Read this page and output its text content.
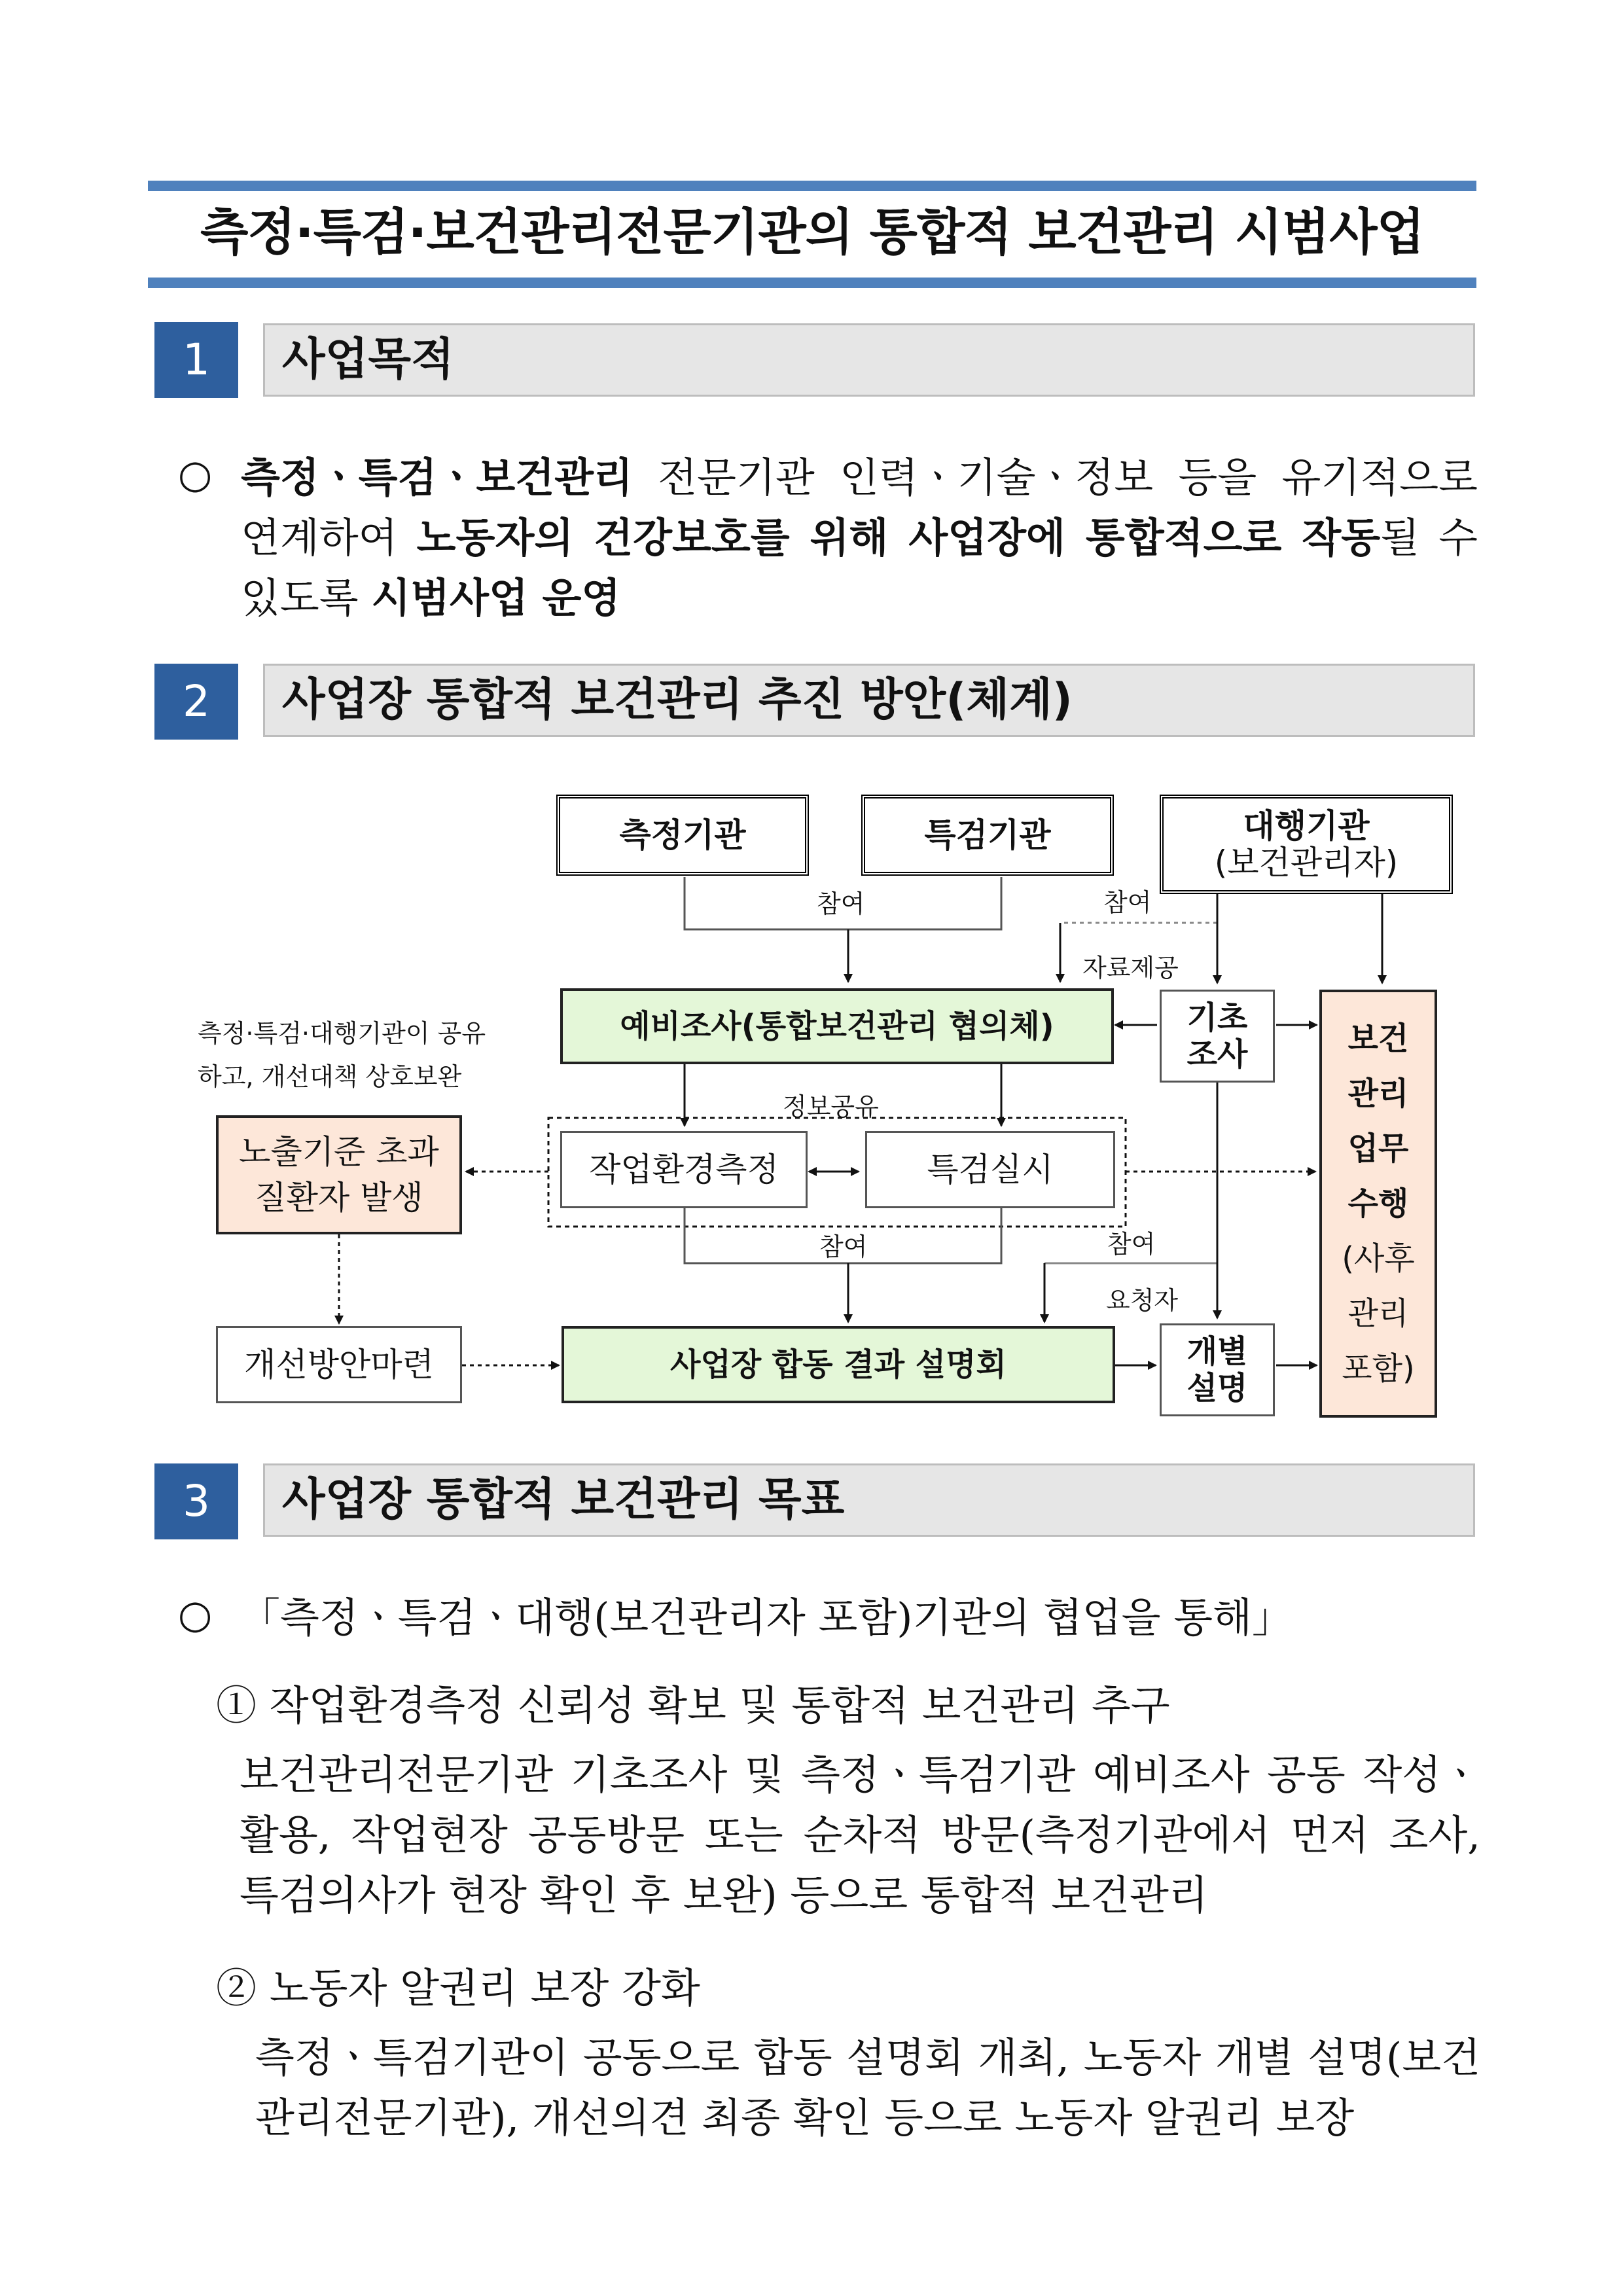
측정·특검·보건관리전문기관의 통합적 보건관리 시범사업
1	사업목적
○ 측정ㆍ특검ㆍ보건관리 전문기관 인력ㆍ기술ㆍ정보 등을 유기적으로 연계하여 노동자의 건강보호를 위해 사업장에 통합적으로 작동될 수 있도록 시범사업 운영
2	사업장 통합적 보건관리 추진 방안(체계)
측정기관	특검기관	대행기관
(보건관리자)
참여	참여
자료제공
예비조사(통합보건관리 협의체)	기초
조사	보건
관리
업무
수행
(사후
관리
포함)
측정·특검·대행기관이 공유
하고, 개선대책 상호보완
정보공유
노출기준 초과
질환자 발생
작업환경측정	특검실시
참여	참여
요청자
개선방안마련	사업장 합동 결과 설명회	개별
설명
3	사업장 통합적 보건관리 목표
○ 「측정ㆍ특검ㆍ대행(보건관리자 포함)기관의 협업을 통해」
① 작업환경측정 신뢰성 확보 및 통합적 보건관리 추구
보건관리전문기관 기초조사 및 측정ㆍ특검기관 예비조사 공동 작성ㆍ활용, 작업현장 공동방문 또는 순차적 방문(측정기관에서 먼저 조사, 특검의사가 현장 확인 후 보완) 등으로 통합적 보건관리
② 노동자 알권리 보장 강화
측정ㆍ특검기관이 공동으로 합동 설명회 개최, 노동자 개별 설명(보건관리전문기관), 개선의견 최종 확인 등으로 노동자 알권리 보장
